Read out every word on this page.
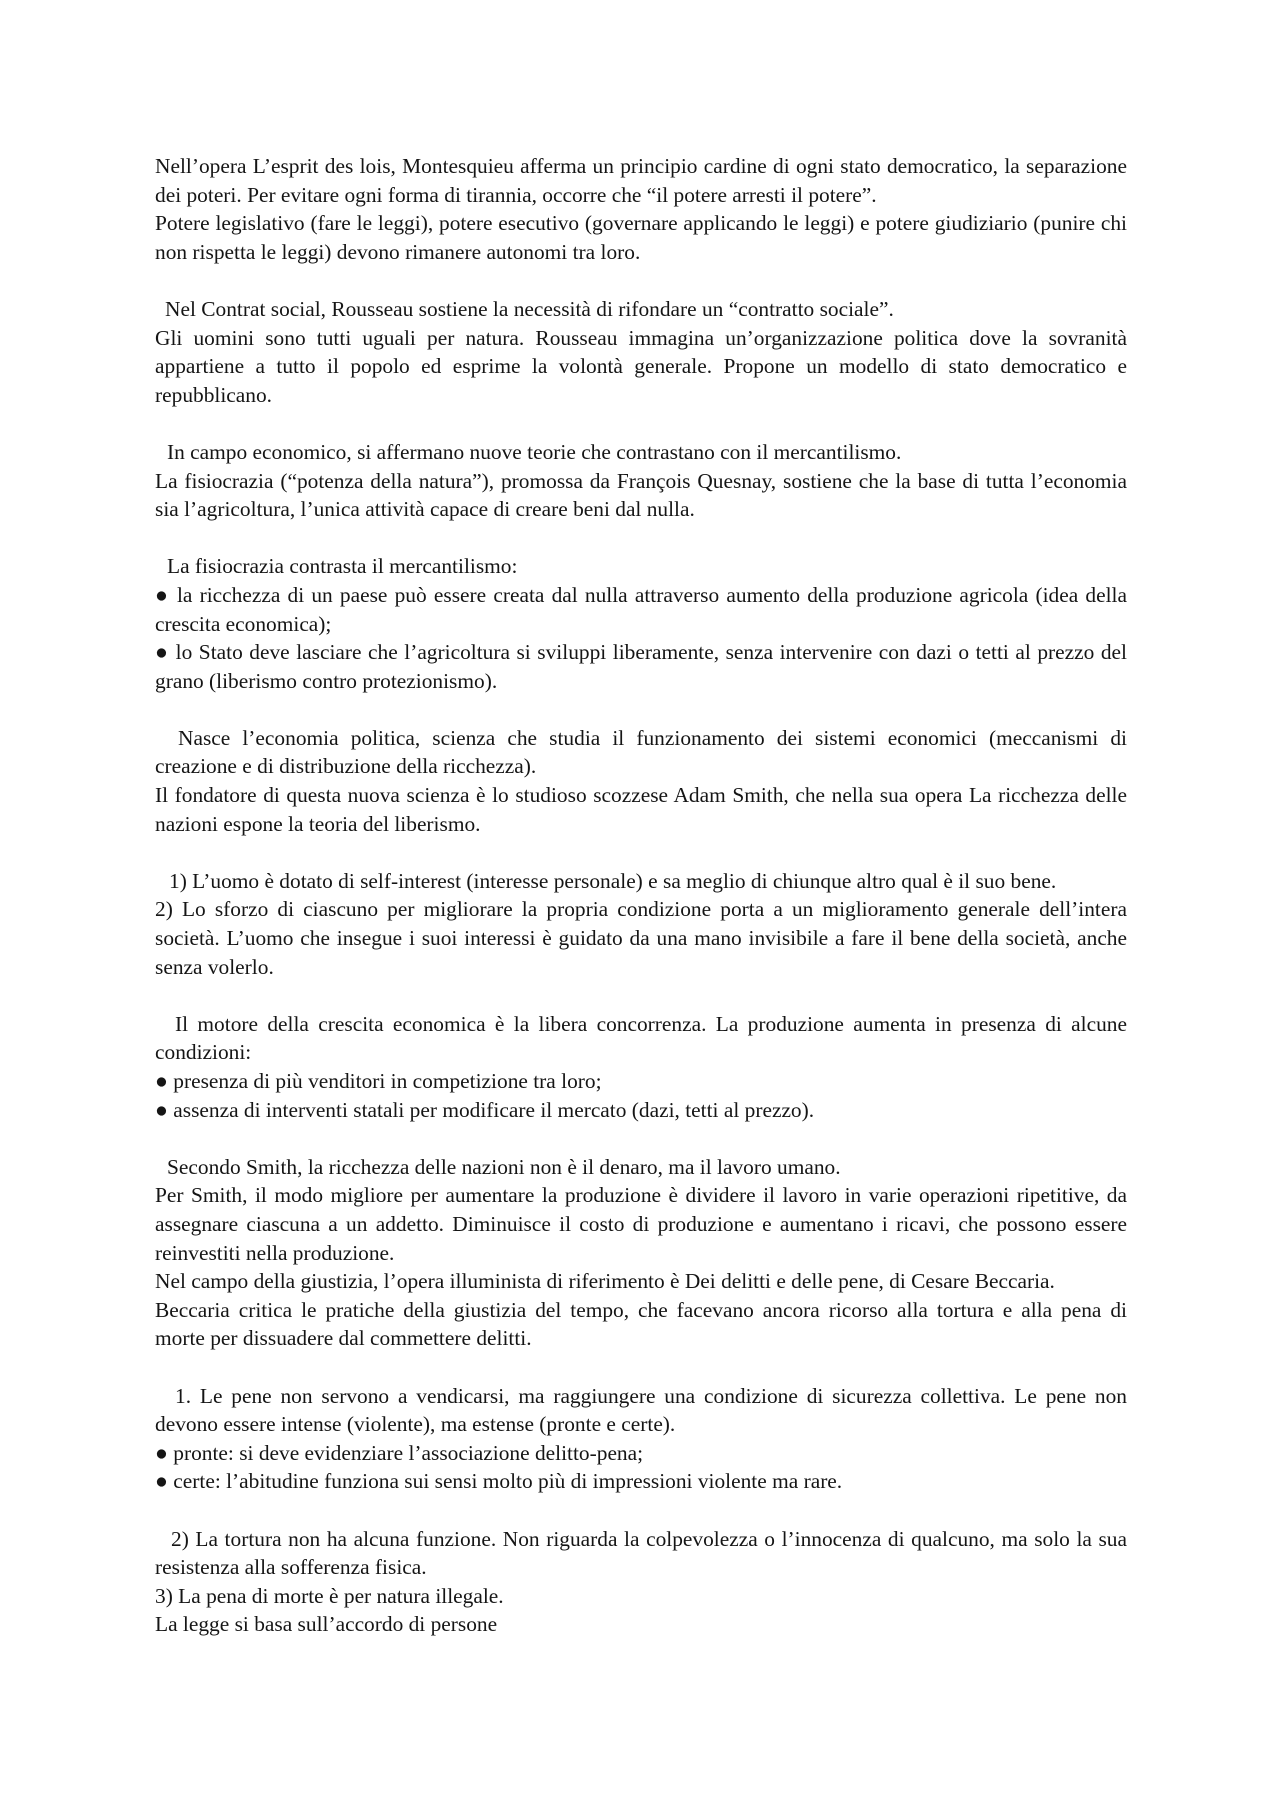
Nell’opera L’esprit des lois, Montesquieu afferma un principio cardine di ogni stato democratico, la separazione
dei poteri. Per evitare ogni forma di tirannia, occorre che “il potere arresti il potere”.
Potere legislativo (fare le leggi), potere esecutivo (governare applicando le leggi) e potere giudiziario (punire chi
non rispetta le leggi) devono rimanere autonomi tra loro.
Nel Contrat social, Rousseau sostiene la necessità di rifondare un “contratto sociale”.
Gli uomini sono tutti uguali per natura. Rousseau immagina un’organizzazione politica dove la sovranità
appartiene a tutto il popolo ed esprime la volontà generale. Propone un modello di stato democratico e
repubblicano.
In campo economico, si affermano nuove teorie che contrastano con il mercantilismo.
La fisiocrazia (“potenza della natura”), promossa da François Quesnay, sostiene che la base di tutta l’economia
sia l’agricoltura, l’unica attività capace di creare beni dal nulla.
La fisiocrazia contrasta il mercantilismo:
● la ricchezza di un paese può essere creata dal nulla attraverso aumento della produzione agricola (idea della
crescita economica);
● lo Stato deve lasciare che l’agricoltura si sviluppi liberamente, senza intervenire con dazi o tetti al prezzo del
grano (liberismo contro protezionismo).
Nasce l’economia politica, scienza che studia il funzionamento dei sistemi economici (meccanismi di
creazione e di distribuzione della ricchezza).
Il fondatore di questa nuova scienza è lo studioso scozzese Adam Smith, che nella sua opera La ricchezza delle
nazioni espone la teoria del liberismo.
1) L’uomo è dotato di self-interest (interesse personale) e sa meglio di chiunque altro qual è il suo bene.
2) Lo sforzo di ciascuno per migliorare la propria condizione porta a un miglioramento generale dell’intera
società. L’uomo che insegue i suoi interessi è guidato da una mano invisibile a fare il bene della società, anche
senza volerlo.
Il motore della crescita economica è la libera concorrenza. La produzione aumenta in presenza di alcune
condizioni:
● presenza di più venditori in competizione tra loro;
● assenza di interventi statali per modificare il mercato (dazi, tetti al prezzo).
Secondo Smith, la ricchezza delle nazioni non è il denaro, ma il lavoro umano.
Per Smith, il modo migliore per aumentare la produzione è dividere il lavoro in varie operazioni ripetitive, da
assegnare ciascuna a un addetto. Diminuisce il costo di produzione e aumentano i ricavi, che possono essere
reinvestiti nella produzione.
Nel campo della giustizia, l’opera illuminista di riferimento è Dei delitti e delle pene, di Cesare Beccaria.
Beccaria critica le pratiche della giustizia del tempo, che facevano ancora ricorso alla tortura e alla pena di
morte per dissuadere dal commettere delitti.
1. Le pene non servono a vendicarsi, ma raggiungere una condizione di sicurezza collettiva. Le pene non
devono essere intense (violente), ma estense (pronte e certe).
● pronte: si deve evidenziare l’associazione delitto-pena;
● certe: l’abitudine funziona sui sensi molto più di impressioni violente ma rare.
2) La tortura non ha alcuna funzione. Non riguarda la colpevolezza o l’innocenza di qualcuno, ma solo la sua
resistenza alla sofferenza fisica.
3) La pena di morte è per natura illegale.
La legge si basa sull’accordo di persone
